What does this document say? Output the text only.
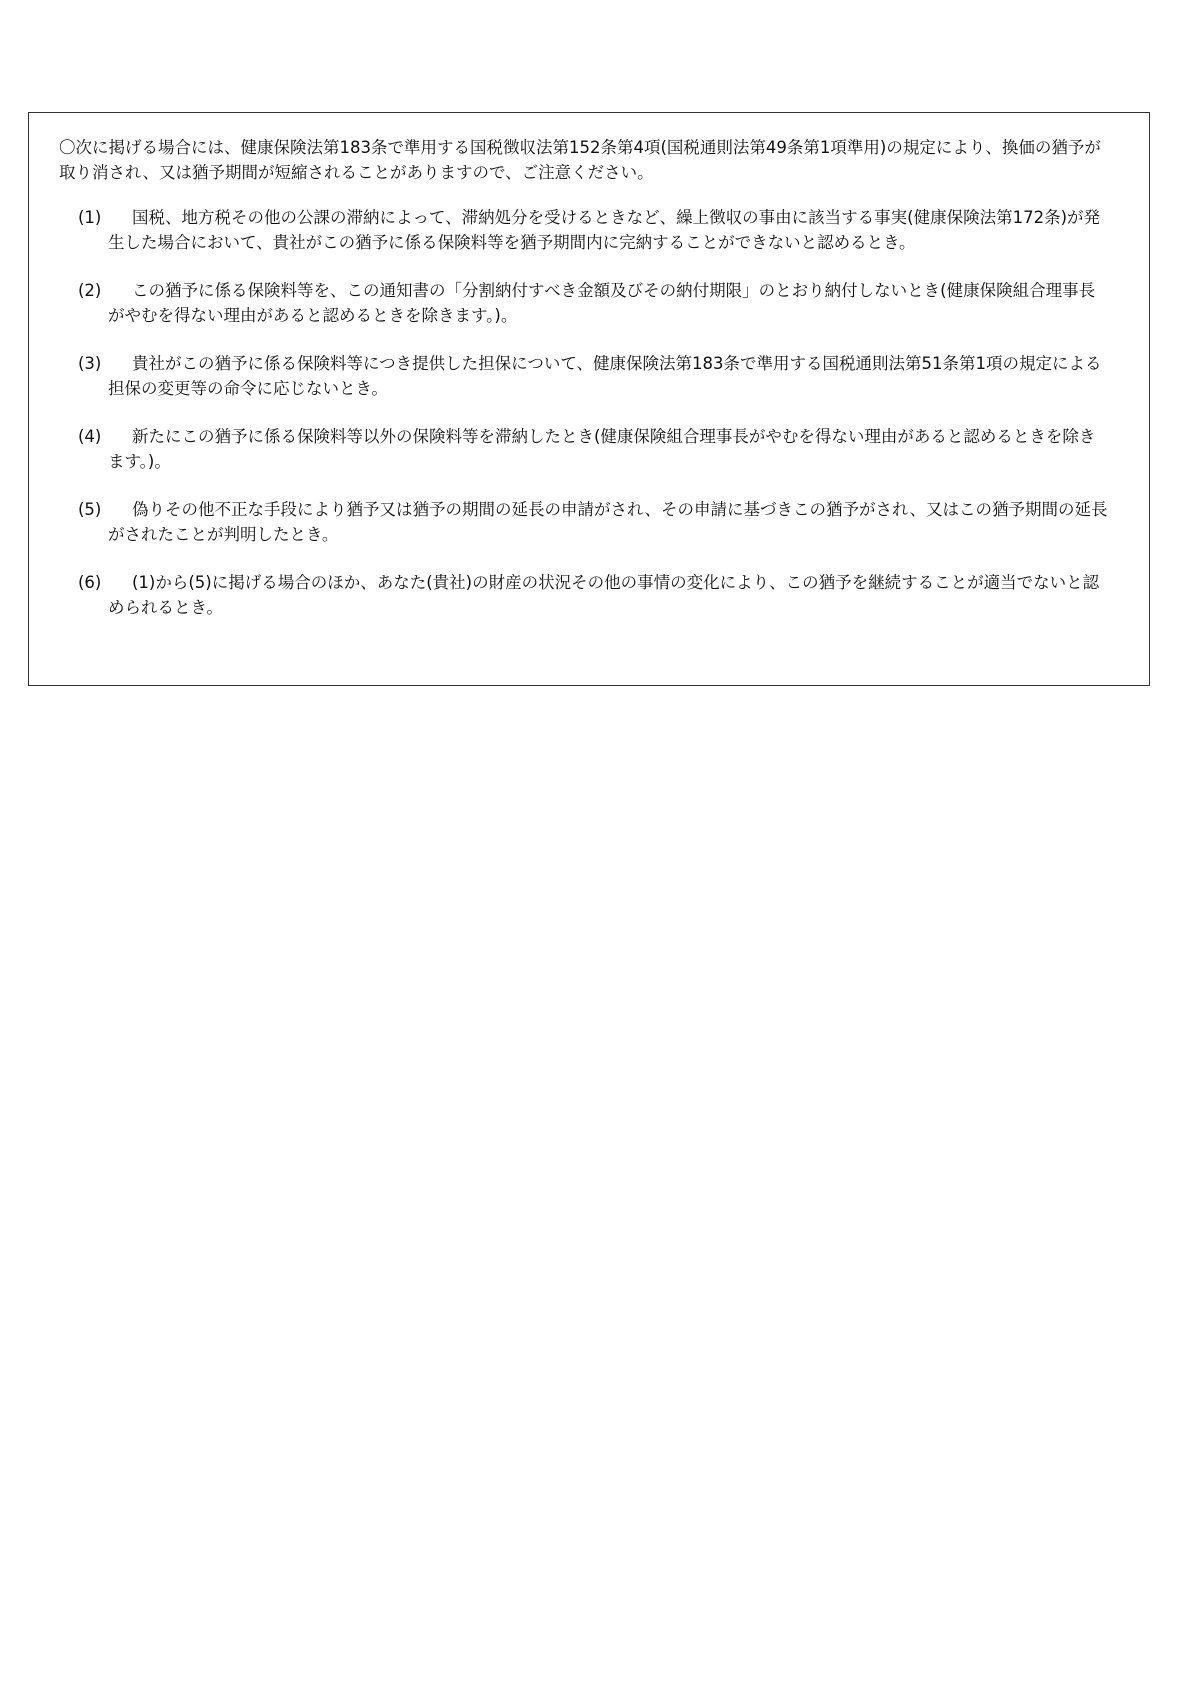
〇次に掲げる場合には、健康保険法第183条で準用する国税徴収法第152条第4項(国税通則法第49条第1項準用)の規定により、換価の猶予が取り消され、又は猶予期間が短縮されることがありますので、ご注意ください。

(1)	国税、地方税その他の公課の滞納によって、滞納処分を受けるときなど、繰上徴収の事由に該当する事実(健康保険法第172条)が発生した場合において、貴社がこの猶予に係る保険料等を猶予期間内に完納することができないと認めるとき。
(2)	この猶予に係る保険料等を、この通知書の「分割納付すべき金額及びその納付期限」のとおり納付しないとき(健康保険組合理事長がやむを得ない理由があると認めるときを除きます。)。
(3)	貴社がこの猶予に係る保険料等につき提供した担保について、健康保険法第183条で準用する国税通則法第51条第1項の規定による担保の変更等の命令に応じないとき。
(4)	新たにこの猶予に係る保険料等以外の保険料等を滞納したとき(健康保険組合理事長がやむを得ない理由があると認めるときを除きます。)。
(5)	偽りその他不正な手段により猶予又は猶予の期間の延長の申請がされ、その申請に基づきこの猶予がされ、又はこの猶予期間の延長がされたことが判明したとき。
(6)	(1)から(5)に掲げる場合のほか、あなた(貴社)の財産の状況その他の事情の変化により、この猶予を継続することが適当でないと認められるとき。
